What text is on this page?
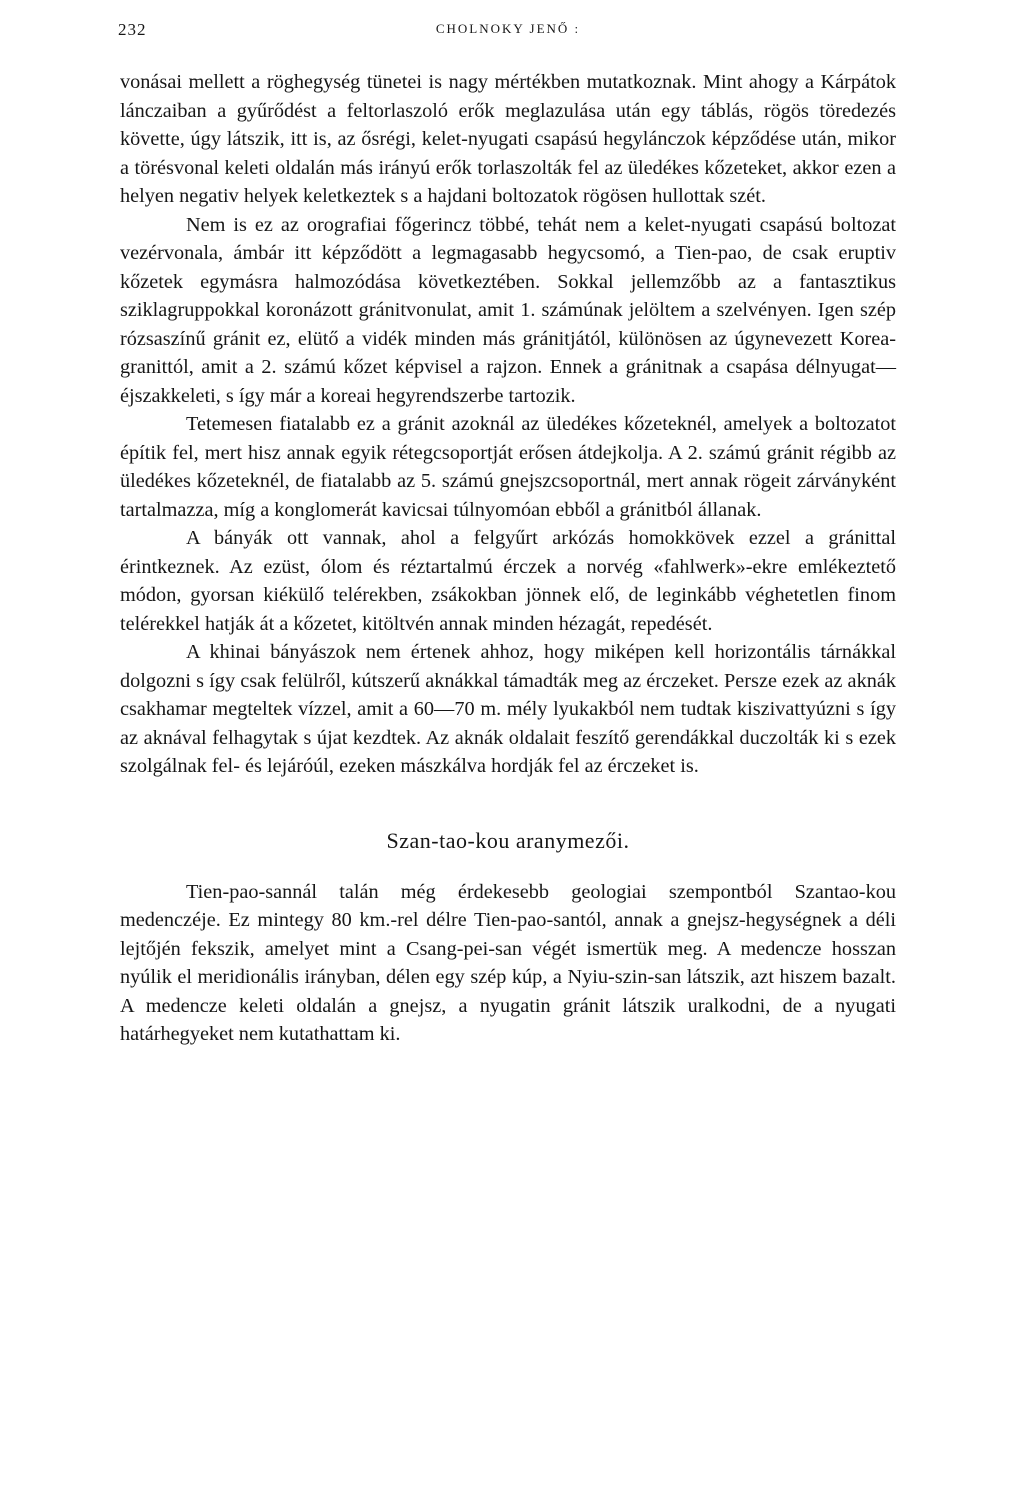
232	CHOLNOKY JENŐ :

vonásai mellett a röghegység tünetei is nagy mértékben mutatkoznak. Mint ahogy a Kárpátok lánczaiban a gyűrődést a feltorlaszoló erők meglazulása után egy táblás, rögös töredezés követte, úgy látszik, itt is, az ősrégi, kelet-nyugati csapású hegylánczok képződése után, mikor a törésvonal keleti oldalán más irányú erők torlaszolták fel az üledékes kőzeteket, akkor ezen a helyen negativ helyek keletkeztek s a hajdani boltozatok rögösen hullottak szét.

Nem is ez az orografiai főgerincz többé, tehát nem a kelet-nyugati csapású boltozat vezérvonala, ámbár itt képződött a legmagasabb hegycsomó, a Tien-pao, de csak eruptiv kőzetek egymásra halmozódása következtében. Sokkal jellemzőbb az a fantasztikus sziklagruppokkal koronázott gránitvonulat, amit 1. számúnak jelöltem a szelvényen. Igen szép rózsaszínű gránit ez, elütő a vidék minden más gránitjától, különösen az úgynevezett Korea-granittól, amit a 2. számú kőzet képvisel a rajzon. Ennek a gránitnak a csapása délnyugat—éjszakkeleti, s így már a koreai hegyrendszerbe tartozik.

Tetemesen fiatalabb ez a gránit azoknál az üledékes kőzeteknél, amelyek a boltozatot építik fel, mert hisz annak egyik rétegcsoportját erősen átdejkolja. A 2. számú gránit régibb az üledékes kőzeteknél, de fiatalabb az 5. számú gnejszcsoportnál, mert annak rögeit zárványként tartalmazza, míg a konglomerát kavicsai túlnyomóan ebből a gránitból állanak.

A bányák ott vannak, ahol a felgyűrt arkózás homokkövek ezzel a gránittal érintkeznek. Az ezüst, ólom és réztartalmú érczek a norvég «fahlwerk»-ekre emlékeztető módon, gyorsan kiékülő telérekben, zsákokban jönnek elő, de leginkább véghetetlen finom telérekkel hatják át a kőzetet, kitöltvén annak minden hézagát, repedését.

A khinai bányászok nem értenek ahhoz, hogy miképen kell horizontális tárnákkal dolgozni s így csak felülről, kútszerű aknákkal támadták meg az érczeket. Persze ezek az aknák csakhamar megteltek vízzel, amit a 60—70 m. mély lyukakból nem tudtak kiszivattyúzni s így az aknával felhagytak s újat kezdtek. Az aknák oldalait feszítő gerendákkal duczolták ki s ezek szolgálnak fel- és lejáróúl, ezeken mászkálva hordják fel az érczeket is.

Szan-tao-kou aranymezői.

Tien-pao-sannál talán még érdekesebb geologiai szempontból Szantao-kou medenczéje. Ez mintegy 80 km.-rel délre Tien-pao-santól, annak a gnejsz-hegységnek a déli lejtőjén fekszik, amelyet mint a Csang-pei-san végét ismertük meg. A medencze hosszan nyúlik el meridionális irányban, délen egy szép kúp, a Nyiu-szin-san látszik, azt hiszem bazalt. A medencze keleti oldalán a gnejsz, a nyugatin gránit látszik uralkodni, de a nyugati határhegyeket nem kutathattam ki.
